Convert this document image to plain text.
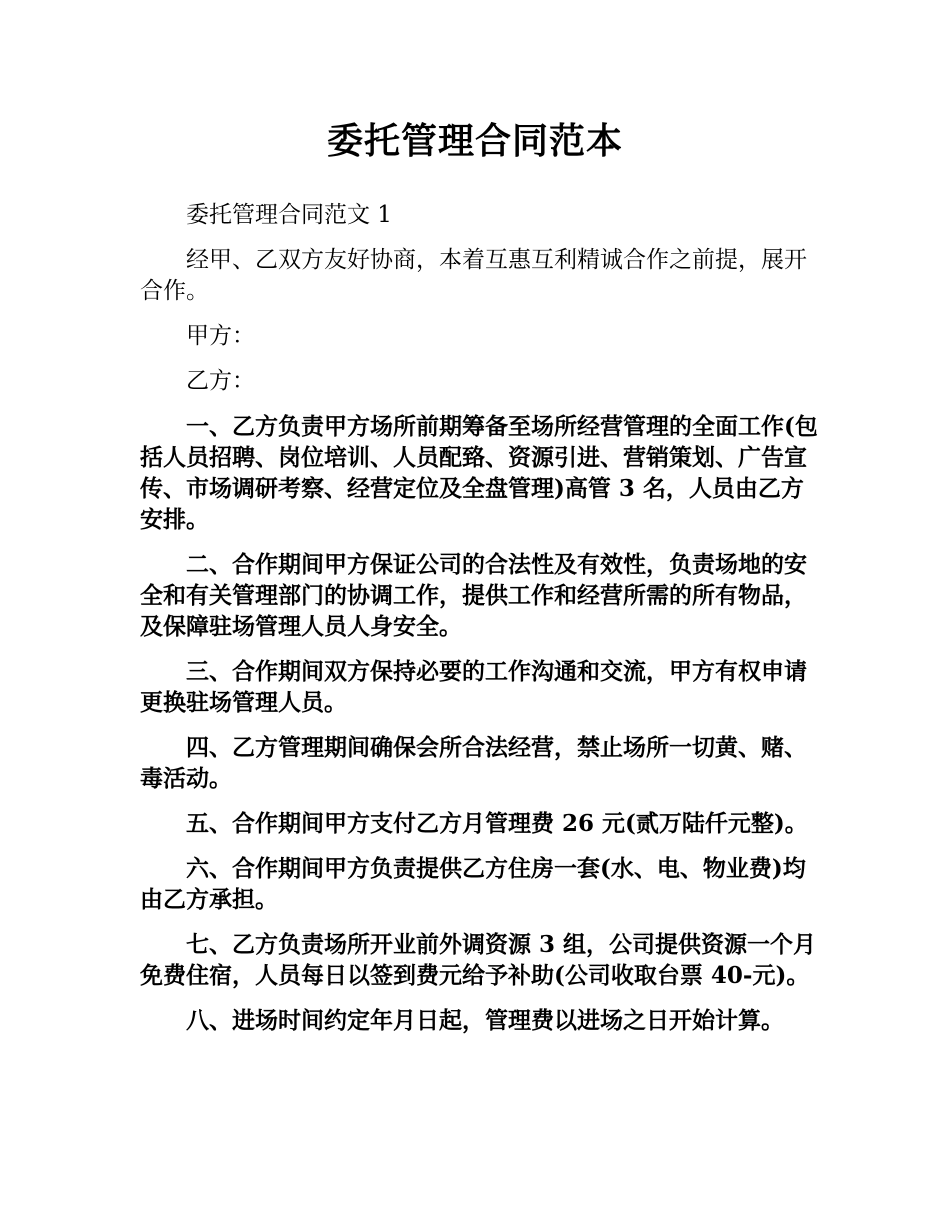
委托管理合同范本

委托管理合同范文 1

经甲、乙双方友好协商，本着互惠互利精诚合作之前提，展开合作。

甲方：

乙方：

一、乙方负责甲方场所前期筹备至场所经营管理的全面工作(包括人员招聘、岗位培训、人员配臵、资源引进、营销策划、广告宣传、市场调研考察、经营定位及全盘管理)高管 3 名，人员由乙方安排。

二、合作期间甲方保证公司的合法性及有效性，负责场地的安全和有关管理部门的协调工作，提供工作和经营所需的所有物品，及保障驻场管理人员人身安全。

三、合作期间双方保持必要的工作沟通和交流，甲方有权申请更换驻场管理人员。

四、乙方管理期间确保会所合法经营，禁止场所一切黄、赌、毒活动。

五、合作期间甲方支付乙方月管理费 26 元(贰万陆仟元整)。

六、合作期间甲方负责提供乙方住房一套(水、电、物业费)均由乙方承担。

七、乙方负责场所开业前外调资源 3 组，公司提供资源一个月免费住宿，人员每日以签到费元给予补助(公司收取台票 40-元)。

八、进场时间约定年月日起，管理费以进场之日开始计算。
